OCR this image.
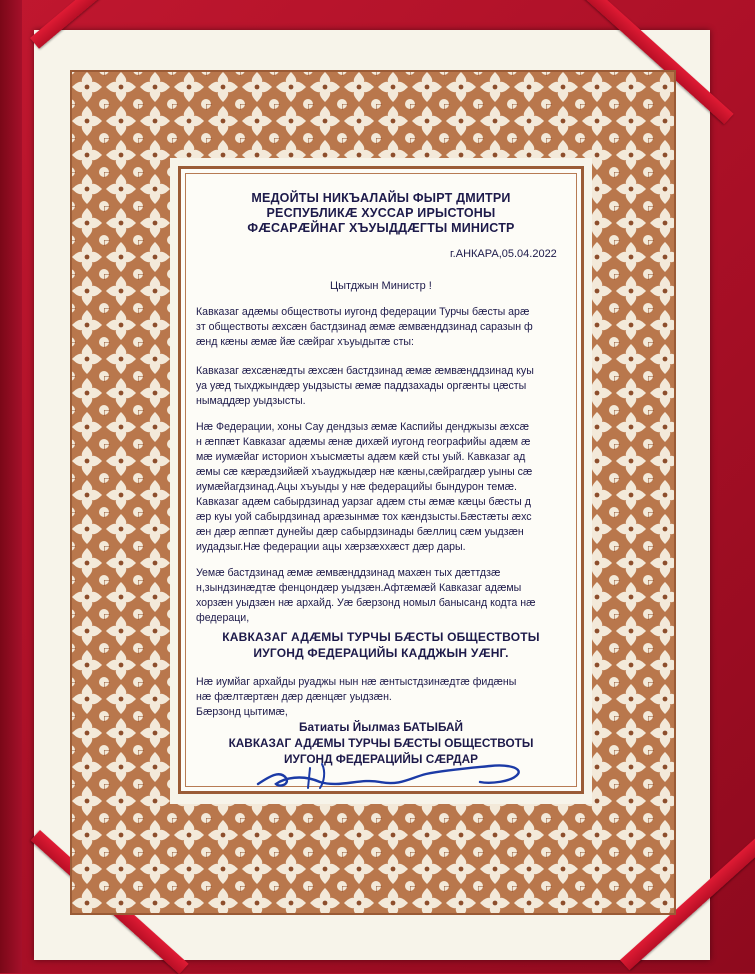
МЕДОЙТЫ НИКЪАЛАЙЫ ФЫРТ ДМИТРИ
РЕСПУБЛИКÆ ХУССАР ИРЫСТОНЫ
ФÆСАРÆЙНАГ ХЪУЫДДÆГТЫ МИНИСТР
г.АНКАРА,05.04.2022
Цытджын Министр !
Кавказаг адæмы обществоты иугонд федерации Турчы бæсты арæ
зт обществоты æхсæн бастдзинад æмæ æмвæнддзинад саразын ф
æнд кæны æмæ йæ сæйраг хъуыдытæ сты:
Кавказаг æхсæнæдты æхсæн бастдзинад æмæ æмвæнддзинад куы
уа уæд тыхджындæр уыдзысты æмæ паддзахады оргæнты цæсты
нымаддæр уыдзысты.
Нæ Федерации, хоны Сау дендзыз æмæ Каспийы денджызы æхсæ
н æппæт Кавказаг адæмы æнæ дихæй иугонд географийы адæм æ
мæ иумæйаг историон хъысмæты адæм кæй сты уый. Кавказаг ад
æмы сæ кæрæдзийæй хъауджыдæр нæ кæны,сæйрагдæр уыны сæ
иумæйагдзинад.Ацы хъуыды у нæ федерацийы бындурон темæ.
Кавказаг адæм сабырдзинад уарзаг адæм сты æмæ кæцы бæсты д
æр куы уой сабырдзинад арæзынмæ тох кæндзысты.Бæстæты æхс
æн дæр æппæт дунейы дæр сабырдзинады бæллиц сæм уыдзæн
иудадзыг.Нæ федерации ацы хæрзæххæст дæр дары.
Уемæ бастдзинад æмæ æмвæнддзинад махæн тых дæттдзæ
н,зындзинæдтæ фенцондæр уыдзæн.Афтæмæй Кавказаг адæмы
хорзæн уыдзæн нæ архайд. Уæ бæрзонд номыл банысанд кодта нæ
федераци,
КАВКАЗАГ АДÆМЫ ТУРЧЫ БÆСТЫ ОБЩЕСТВОТЫ
ИУГОНД ФЕДЕРАЦИЙЫ КАДДЖЫН УÆНГ.
Нæ иумйаг архайды руаджы нын нæ æнтыстдзинæдтæ фидæны
нæ фæлтæртæн дæр дæнцæг уыдзæн.
Бæрзонд цытимæ,
Батиаты Йылмаз БАТЫБАЙ
КАВКАЗАГ АДÆМЫ ТУРЧЫ БÆСТЫ ОБЩЕСТВОТЫ
ИУГОНД ФЕДЕРАЦИЙЫ СÆРДАР
